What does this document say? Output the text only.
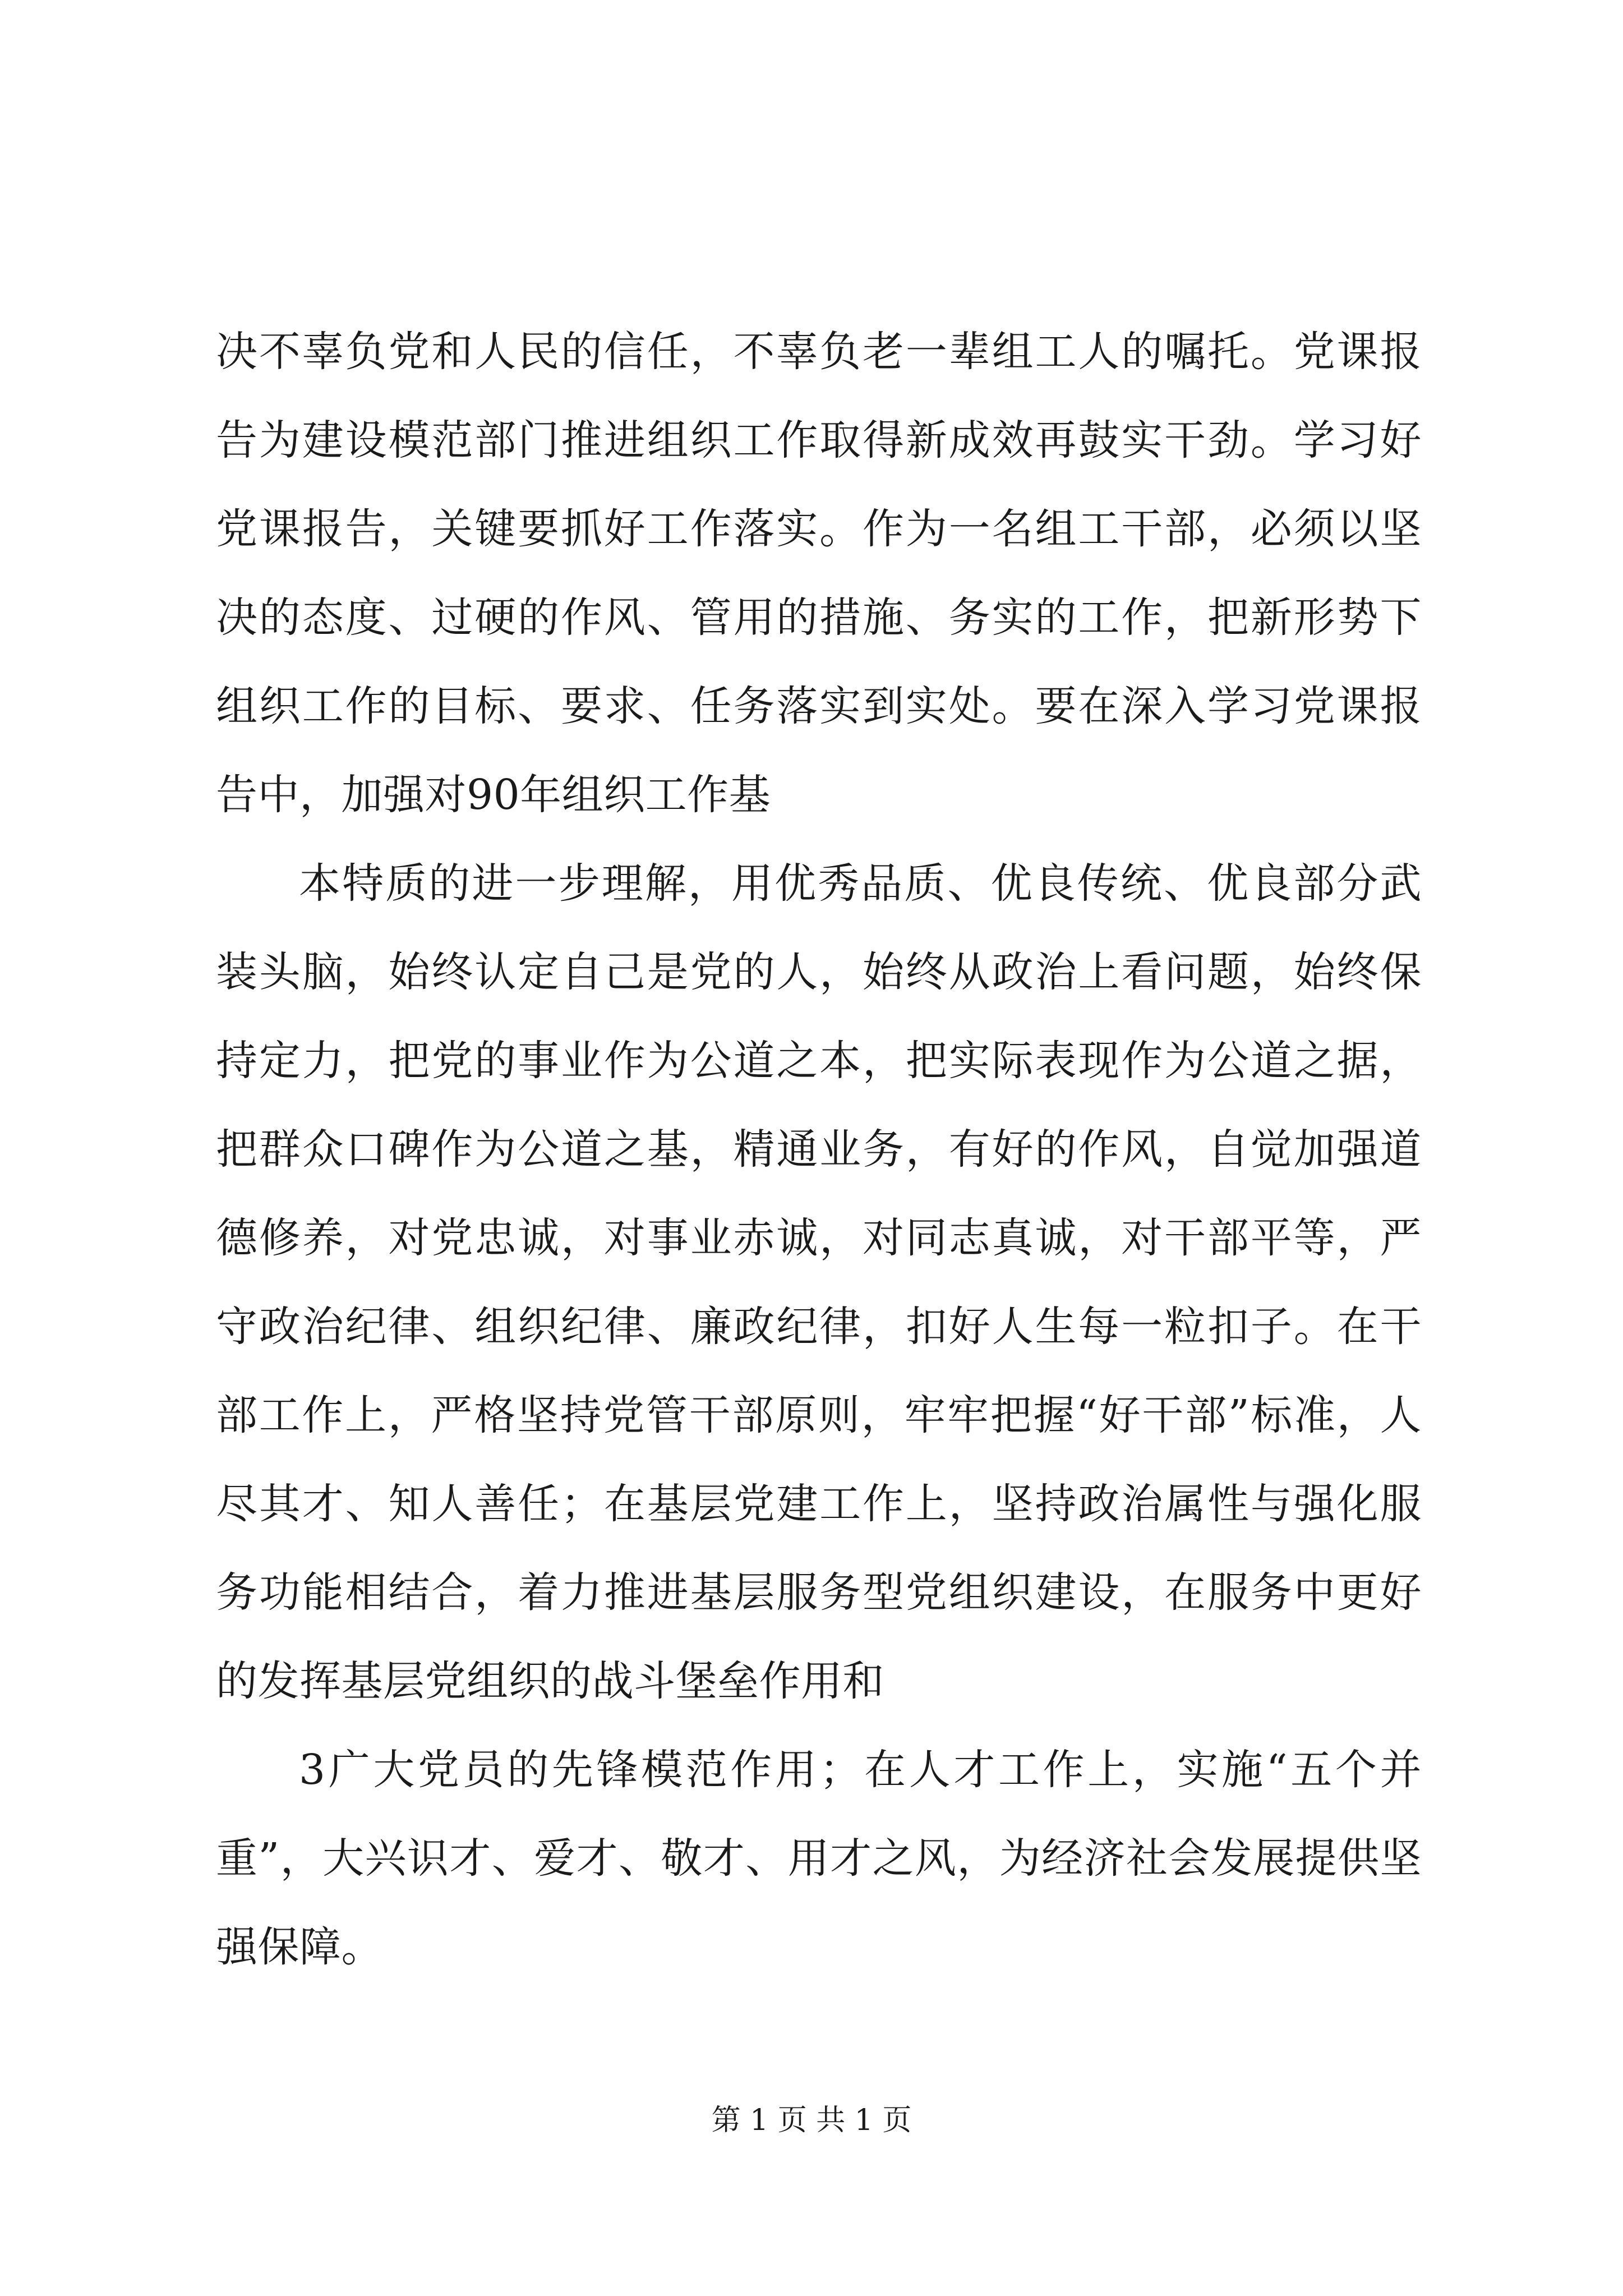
决不辜负党和人民的信任，不辜负老一辈组工人的嘱托。党课报告为建设模范部门推进组织工作取得新成效再鼓实干劲。学习好党课报告，关键要抓好工作落实。作为一名组工干部，必须以坚决的态度、过硬的作风、管用的措施、务实的工作，把新形势下组织工作的目标、要求、任务落实到实处。要在深入学习党课报告中，加强对90年组织工作基

本特质的进一步理解，用优秀品质、优良传统、优良部分武装头脑，始终认定自己是党的人，始终从政治上看问题，始终保持定力，把党的事业作为公道之本，把实际表现作为公道之据，把群众口碑作为公道之基，精通业务，有好的作风，自觉加强道德修养，对党忠诚，对事业赤诚，对同志真诚，对干部平等，严守政治纪律、组织纪律、廉政纪律，扣好人生每一粒扣子。在干部工作上，严格坚持党管干部原则，牢牢把握“好干部”标准，人尽其才、知人善任；在基层党建工作上，坚持政治属性与强化服务功能相结合，着力推进基层服务型党组织建设，在服务中更好的发挥基层党组织的战斗堡垒作用和

3广大党员的先锋模范作用；在人才工作上，实施“五个并重”，大兴识才、爱才、敬才、用才之风，为经济社会发展提供坚强保障。

第 1 页 共 1 页
